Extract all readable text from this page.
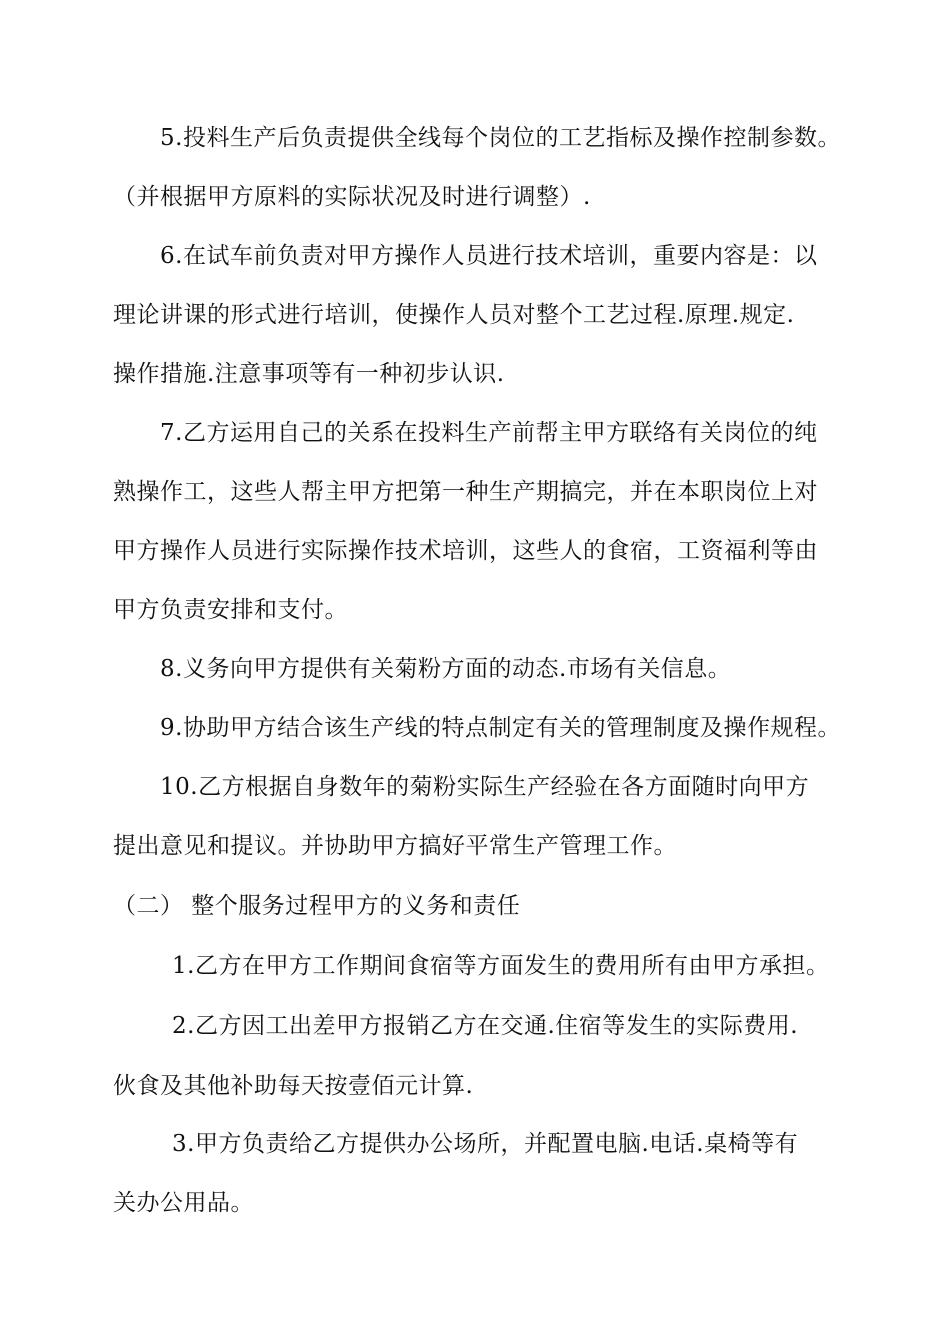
5.投料生产后负责提供全线每个岗位的工艺指标及操作控制参数。
（并根据甲方原料的实际状况及时进行调整）.
6.在试车前负责对甲方操作人员进行技术培训，重要内容是：以
理论讲课的形式进行培训，使操作人员对整个工艺过程.原理.规定.
操作措施.注意事项等有一种初步认识.
7.乙方运用自己的关系在投料生产前帮主甲方联络有关岗位的纯
熟操作工，这些人帮主甲方把第一种生产期搞完，并在本职岗位上对
甲方操作人员进行实际操作技术培训，这些人的食宿，工资福利等由
甲方负责安排和支付。
8.义务向甲方提供有关菊粉方面的动态.市场有关信息。
9.协助甲方结合该生产线的特点制定有关的管理制度及操作规程。
10.乙方根据自身数年的菊粉实际生产经验在各方面随时向甲方
提出意见和提议。并协助甲方搞好平常生产管理工作。
（二） 整个服务过程甲方的义务和责任
1.乙方在甲方工作期间食宿等方面发生的费用所有由甲方承担。
2.乙方因工出差甲方报销乙方在交通.住宿等发生的实际费用.
伙食及其他补助每天按壹佰元计算.
3.甲方负责给乙方提供办公场所，并配置电脑.电话.桌椅等有
关办公用品。
